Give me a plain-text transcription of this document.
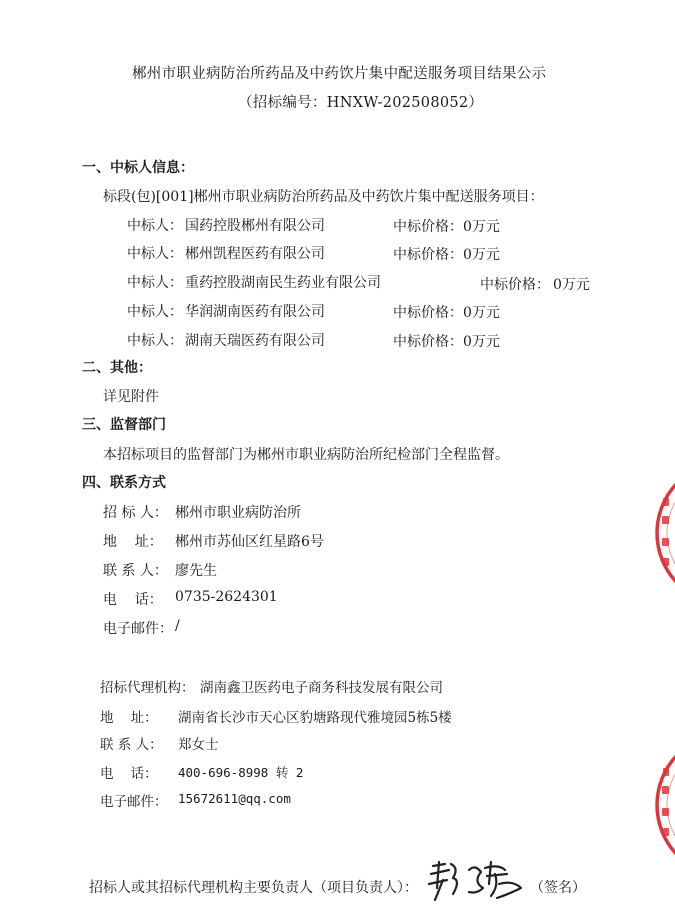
郴州市职业病防治所药品及中药饮片集中配送服务项目结果公示
（招标编号：HNXW-202508052）
一、中标人信息：
标段(包)[001]郴州市职业病防治所药品及中药饮片集中配送服务项目：
中标人： 国药控股郴州有限公司	中标价格： 0万元
中标人： 郴州凯程医药有限公司	中标价格： 0万元
中标人： 重药控股湖南民生药业有限公司	中标价格： 0万元
中标人： 华润湖南医药有限公司	中标价格： 0万元
中标人： 湖南天瑞医药有限公司	中标价格： 0万元
二、其他：
详见附件
三、监督部门
本招标项目的监督部门为郴州市职业病防治所纪检部门全程监督。
四、联系方式
招 标 人： 郴州市职业病防治所
地    址： 郴州市苏仙区红星路6号
联 系 人： 廖先生
电    话： 0735-2624301
电子邮件： /
招标代理机构： 湖南鑫卫医药电子商务科技发展有限公司
地    址： 湖南省长沙市天心区豹塘路现代雅境园5栋5楼
联 系 人： 郑女士
电    话： 400-696-8998 转 2
电子邮件： 15672611@qq.com
招标人或其招标代理机构主要负责人（项目负责人）：	（签名）
